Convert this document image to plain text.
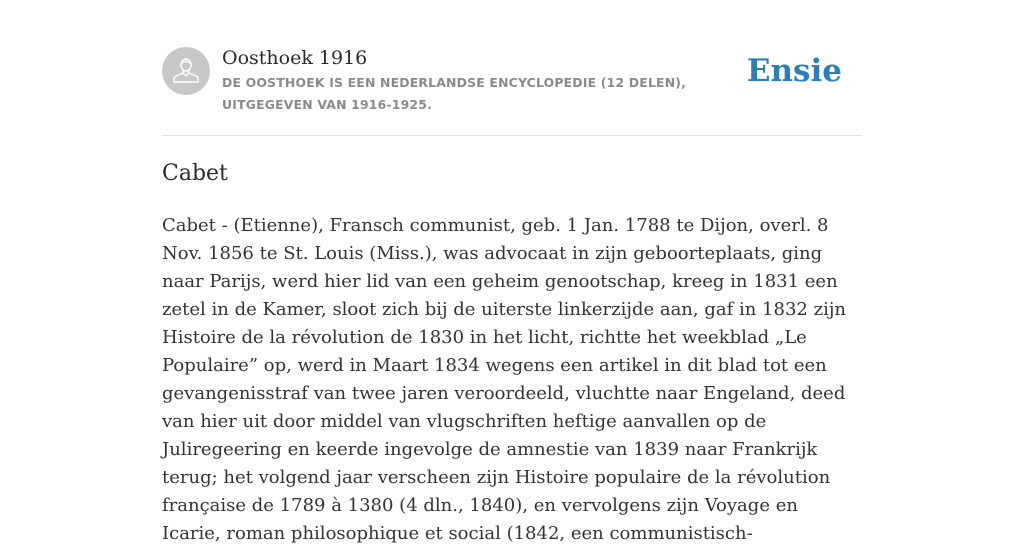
Oosthoek 1916
DE OOSTHOEK IS EEN NEDERLANDSE ENCYCLOPEDIE (12 DELEN), UITGEGEVEN VAN 1916-1925.
Ensie
Cabet

Cabet - (Etienne), Fransch communist, geb. 1 Jan. 1788 te Dijon, overl. 8 Nov. 1856 te St. Louis (Miss.), was advocaat in zijn geboorteplaats, ging naar Parijs, werd hier lid van een geheim genootschap, kreeg in 1831 een zetel in de Kamer, sloot zich bij de uiterste linkerzijde aan, gaf in 1832 zijn Histoire de la révolution de 1830 in het licht, richtte het weekblad „Le Populaire” op, werd in Maart 1834 wegens een artikel in dit blad tot een gevangenisstraf van twee jaren veroordeeld, vluchtte naar Engeland, deed van hier uit door middel van vlugschriften heftige aanvallen op de Juliregeering en keerde ingevolge de amnestie van 1839 naar Frankrijk terug; het volgend jaar verscheen zijn Histoire populaire de la révolution française de 1789 à 1380 (4 dln., 1840), en vervolgens zijn Voyage en Icarie, roman philosophique et social (1842, een communistisch-
